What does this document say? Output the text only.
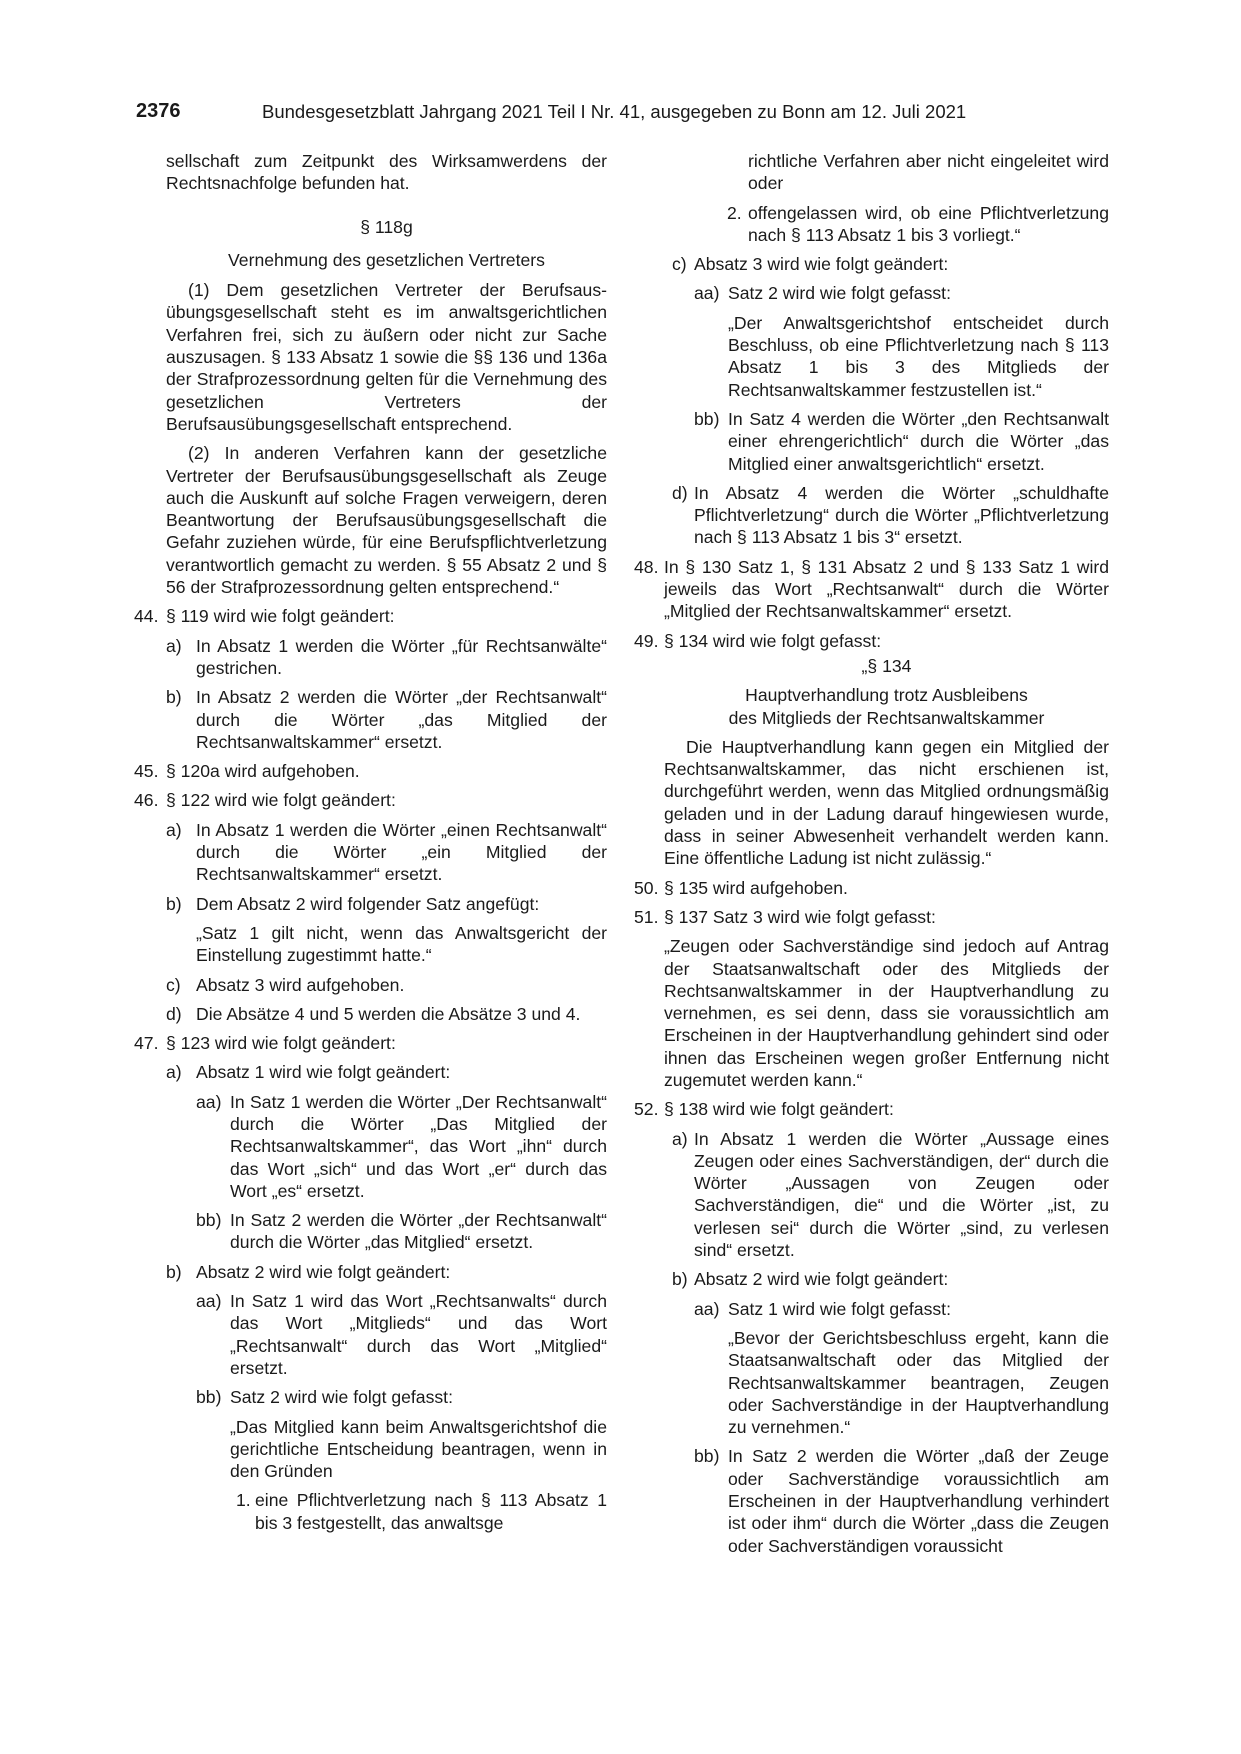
2376	Bundesgesetzblatt Jahrgang 2021 Teil I Nr. 41, ausgegeben zu Bonn am 12. Juli 2021

sellschaft zum Zeitpunkt des Wirksamwerdens der Rechtsnachfolge befunden hat.

§ 118g

Vernehmung des gesetzlichen Vertreters

(1) Dem gesetzlichen Vertreter der Berufsausübungsgesellschaft steht es im anwaltsgerichtlichen Verfahren frei, sich zu äußern oder nicht zur Sache auszusagen. § 133 Absatz 1 sowie die §§ 136 und 136a der Strafprozessordnung gelten für die Vernehmung des gesetzlichen Vertreters der Berufsausübungsgesellschaft entsprechend.

(2) In anderen Verfahren kann der gesetzliche Vertreter der Berufsausübungsgesellschaft als Zeuge auch die Auskunft auf solche Fragen verweigern, deren Beantwortung der Berufsausübungsgesellschaft die Gefahr zuziehen würde, für eine Berufspflichtverletzung verantwortlich gemacht zu werden. § 55 Absatz 2 und § 56 der Strafprozessordnung gelten entsprechend.“

44. § 119 wird wie folgt geändert:
a) In Absatz 1 werden die Wörter „für Rechtsanwälte“ gestrichen.
b) In Absatz 2 werden die Wörter „der Rechtsanwalt“ durch die Wörter „das Mitglied der Rechtsanwaltskammer“ ersetzt.
45. § 120a wird aufgehoben.
46. § 122 wird wie folgt geändert:
a) In Absatz 1 werden die Wörter „einen Rechtsanwalt“ durch die Wörter „ein Mitglied der Rechtsanwaltskammer“ ersetzt.
b) Dem Absatz 2 wird folgender Satz angefügt:

„Satz 1 gilt nicht, wenn das Anwaltsgericht der Einstellung zugestimmt hatte.“

c) Absatz 3 wird aufgehoben.
d) Die Absätze 4 und 5 werden die Absätze 3 und 4.
47. § 123 wird wie folgt geändert:
a) Absatz 1 wird wie folgt geändert:
aa) In Satz 1 werden die Wörter „Der Rechtsanwalt“ durch die Wörter „Das Mitglied der Rechtsanwaltskammer“, das Wort „ihn“ durch das Wort „sich“ und das Wort „er“ durch das Wort „es“ ersetzt.
bb) In Satz 2 werden die Wörter „der Rechtsanwalt“ durch die Wörter „das Mitglied“ ersetzt.
b) Absatz 2 wird wie folgt geändert:
aa) In Satz 1 wird das Wort „Rechtsanwalts“ durch das Wort „Mitglieds“ und das Wort „Rechtsanwalt“ durch das Wort „Mitglied“ ersetzt.
bb) Satz 2 wird wie folgt gefasst:

„Das Mitglied kann beim Anwaltsgerichtshof die gerichtliche Entscheidung beantragen, wenn in den Gründen

1. eine Pflichtverletzung nach § 113 Absatz 1 bis 3 festgestellt, das anwaltsge

richtliche Verfahren aber nicht eingeleitet wird oder

2. offengelassen wird, ob eine Pflichtverletzung nach § 113 Absatz 1 bis 3 vorliegt.“
c) Absatz 3 wird wie folgt geändert:
aa) Satz 2 wird wie folgt gefasst:

„Der Anwaltsgerichtshof entscheidet durch Beschluss, ob eine Pflichtverletzung nach § 113 Absatz 1 bis 3 des Mitglieds der Rechtsanwaltskammer festzustellen ist.“

bb) In Satz 4 werden die Wörter „den Rechtsanwalt einer ehrengerichtlich“ durch die Wörter „das Mitglied einer anwaltsgerichtlich“ ersetzt.
d) In Absatz 4 werden die Wörter „schuldhafte Pflichtverletzung“ durch die Wörter „Pflichtverletzung nach § 113 Absatz 1 bis 3“ ersetzt.
48. In § 130 Satz 1, § 131 Absatz 2 und § 133 Satz 1 wird jeweils das Wort „Rechtsanwalt“ durch die Wörter „Mitglied der Rechtsanwaltskammer“ ersetzt.
49. § 134 wird wie folgt gefasst:

„§ 134

Hauptverhandlung trotz Ausbleibens

des Mitglieds der Rechtsanwaltskammer

Die Hauptverhandlung kann gegen ein Mitglied der Rechtsanwaltskammer, das nicht erschienen ist, durchgeführt werden, wenn das Mitglied ordnungsmäßig geladen und in der Ladung darauf hingewiesen wurde, dass in seiner Abwesenheit verhandelt werden kann. Eine öffentliche Ladung ist nicht zulässig.“

50. § 135 wird aufgehoben.
51. § 137 Satz 3 wird wie folgt gefasst:

„Zeugen oder Sachverständige sind jedoch auf Antrag der Staatsanwaltschaft oder des Mitglieds der Rechtsanwaltskammer in der Hauptverhandlung zu vernehmen, es sei denn, dass sie voraussichtlich am Erscheinen in der Hauptverhandlung gehindert sind oder ihnen das Erscheinen wegen großer Entfernung nicht zugemutet werden kann.“

52. § 138 wird wie folgt geändert:
a) In Absatz 1 werden die Wörter „Aussage eines Zeugen oder eines Sachverständigen, der“ durch die Wörter „Aussagen von Zeugen oder Sachverständigen, die“ und die Wörter „ist, zu verlesen sei“ durch die Wörter „sind, zu verlesen sind“ ersetzt.
b) Absatz 2 wird wie folgt geändert:
aa) Satz 1 wird wie folgt gefasst:

„Bevor der Gerichtsbeschluss ergeht, kann die Staatsanwaltschaft oder das Mitglied der Rechtsanwaltskammer beantragen, Zeugen oder Sachverständige in der Hauptverhandlung zu vernehmen.“

bb) In Satz 2 werden die Wörter „daß der Zeuge oder Sachverständige voraussichtlich am Erscheinen in der Hauptverhandlung verhindert ist oder ihm“ durch die Wörter „dass die Zeugen oder Sachverständigen voraussicht
